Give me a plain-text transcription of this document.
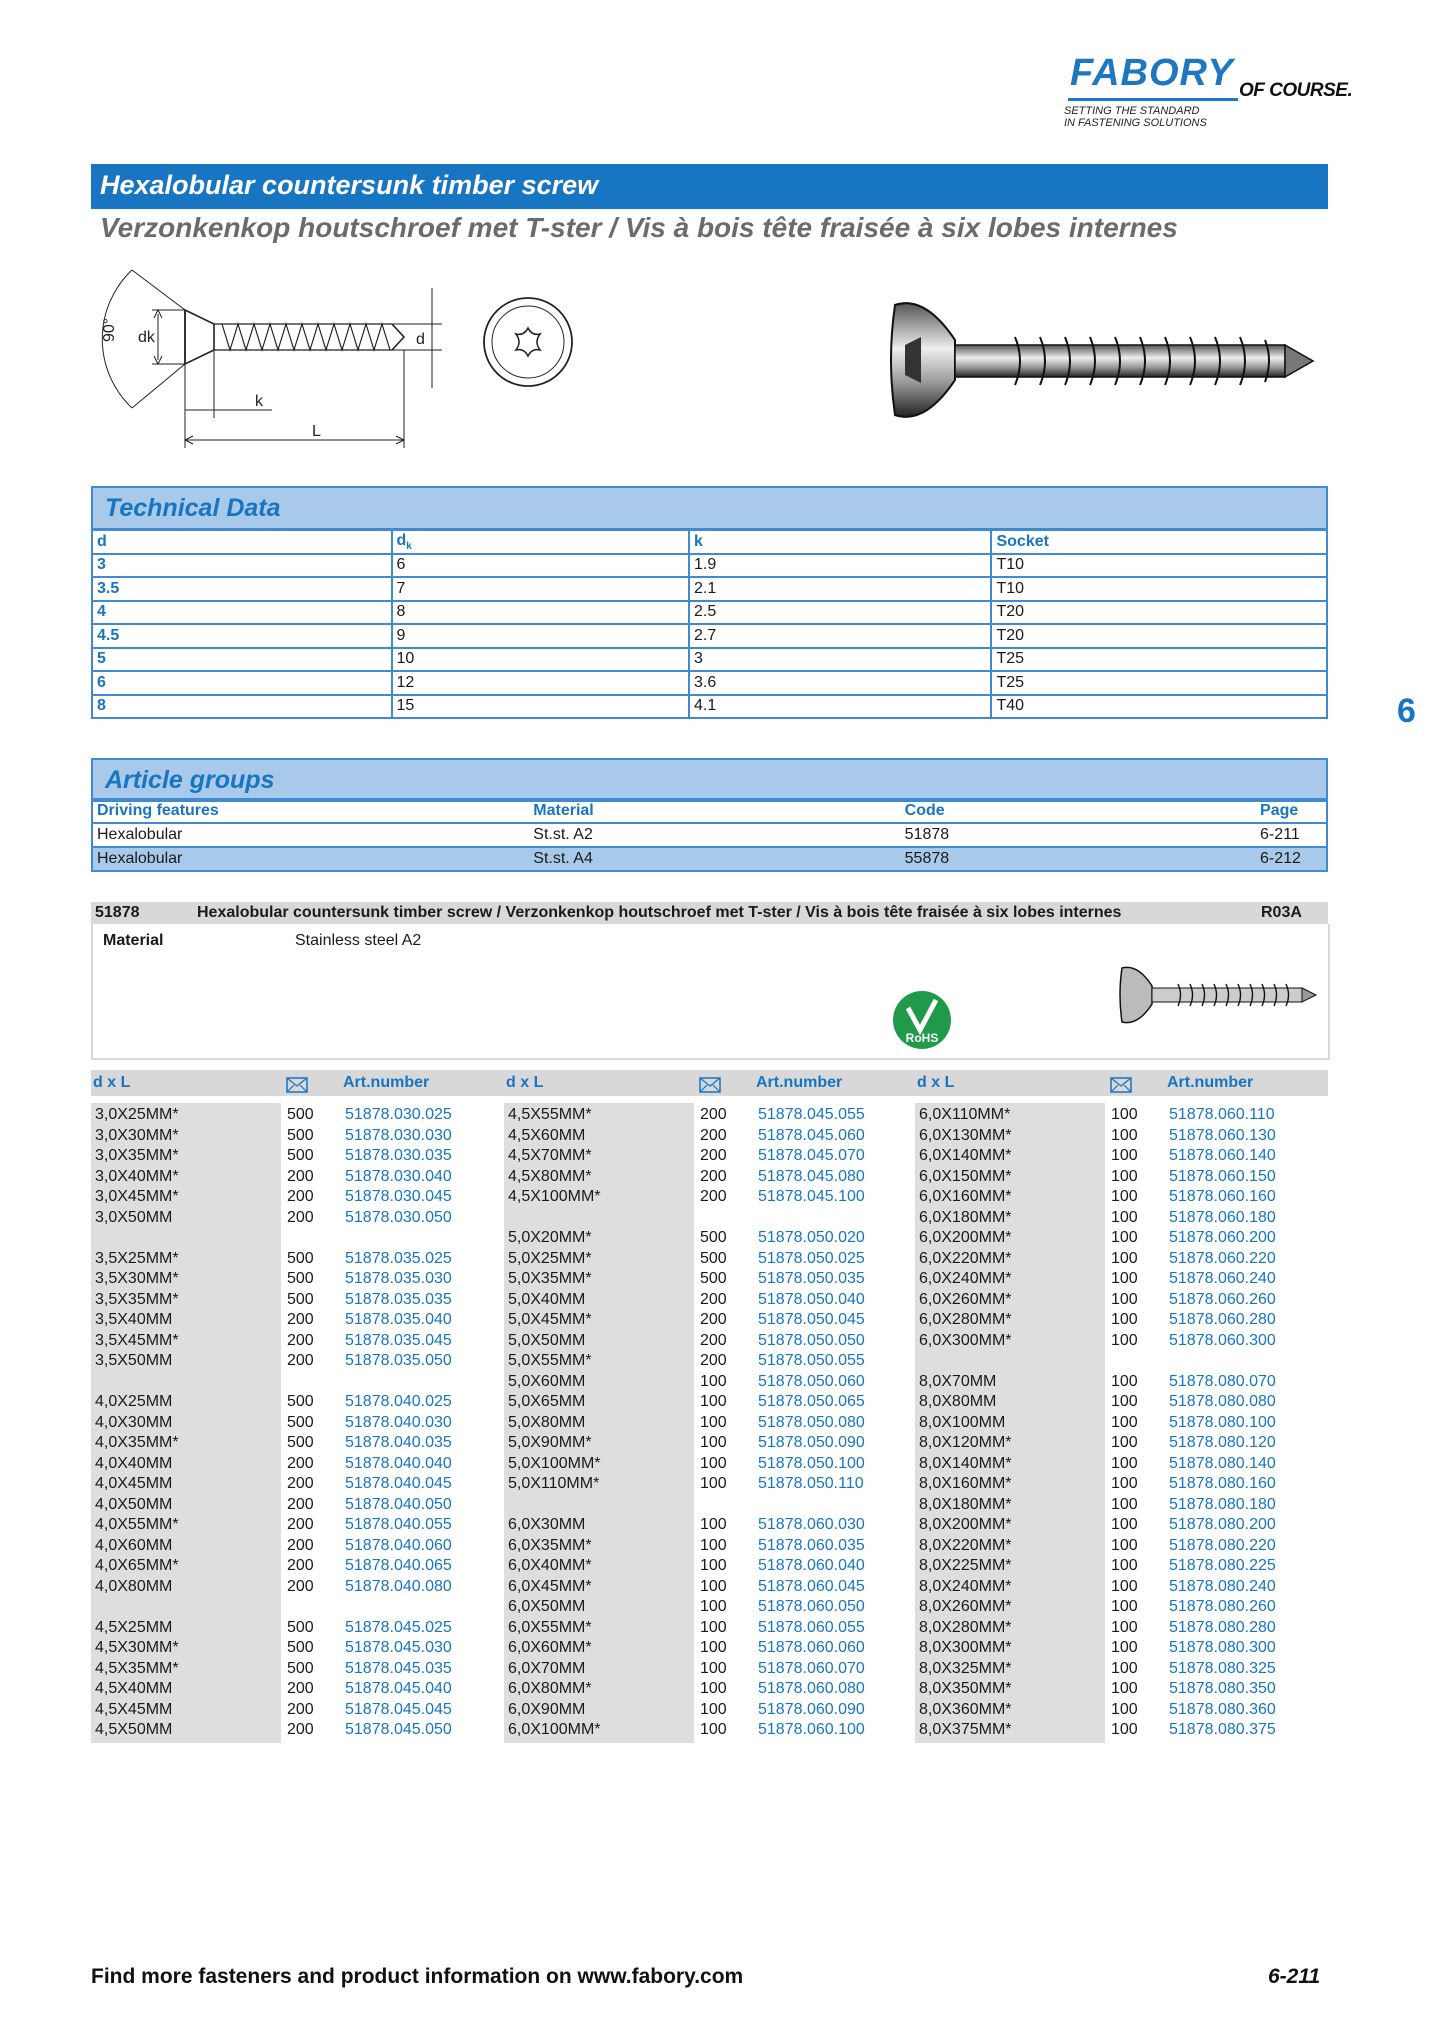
FABORY OF COURSE.
SETTING THE STANDARD
IN FASTENING SOLUTIONS
Hexalobular countersunk timber screw
Verzonkenkop houtschroef met T-ster / Vis à bois tête fraisée à six lobes internes
90° dk
k
L
d
Technical Data
d	$d_k$	k	Socket
3	6	1.9	T10
3.5	7	2.1	T10
4	8	2.5	T20
4.5	9	2.7	T20
5	10	3	T25
6	12	3.6	T25
8	15	4.1	T40	6
Article groups
Driving features	Material	Code	Page
Hexalobular	St.st. A2	51878	6-211
Hexalobular	St.st. A4	55878	6-212
51878	Hexalobular countersunk timber screw / Verzonkenkop houtschroef met T-ster / Vis à bois tête fraisée à six lobes internes	R03A
Material	Stainless steel A2
RoHS
d x L	Art.number	d x L	Art.number	d x L	Art.number
3,0X25MM*	500 51878.030.025
3,0X30MM*	500 51878.030.030
3,0X35MM*	500 51878.030.035
3,0X40MM*	200 51878.030.040
3,0X45MM*	200 51878.030.045
3,0X50MM	200 51878.030.050
3,5X25MM*	500 51878.035.025
3,5X30MM*	500 51878.035.030
3,5X35MM*	500 51878.035.035
3,5X40MM	200 51878.035.040
3,5X45MM*	200 51878.035.045
3,5X50MM	200 51878.035.050
4,0X25MM	500 51878.040.025
4,0X30MM	500 51878.040.030
4,0X35MM*	500 51878.040.035
4,0X40MM	200 51878.040.040
4,0X45MM	200 51878.040.045
4,0X50MM	200 51878.040.050
4,0X55MM*	200 51878.040.055
4,0X60MM	200 51878.040.060
4,0X65MM*	200 51878.040.065
4,0X80MM	200 51878.040.080
4,5X25MM	500 51878.045.025
4,5X30MM*	500 51878.045.030
4,5X35MM*	500 51878.045.035
4,5X40MM	200 51878.045.040
4,5X45MM	200 51878.045.045
4,5X50MM	200 51878.045.050
4,5X55MM*	200 51878.045.055
4,5X60MM	200 51878.045.060
4,5X70MM*	200 51878.045.070
4,5X80MM*	200 51878.045.080
4,5X100MM*	200 51878.045.100
5,0X20MM*	500 51878.050.020
5,0X25MM*	500 51878.050.025
5,0X35MM*	500 51878.050.035
5,0X40MM	200 51878.050.040
5,0X45MM*	200 51878.050.045
5,0X50MM	200 51878.050.050
5,0X55MM*	200 51878.050.055
5,0X60MM	100 51878.050.060
5,0X65MM	100 51878.050.065
5,0X80MM	100 51878.050.080
5,0X90MM*	100 51878.050.090
5,0X100MM*	100 51878.050.100
5,0X110MM*	100 51878.050.110
6,0X30MM	100 51878.060.030
6,0X35MM*	100 51878.060.035
6,0X40MM*	100 51878.060.040
6,0X45MM*	100 51878.060.045
6,0X50MM	100 51878.060.050
6,0X55MM*	100 51878.060.055
6,0X60MM*	100 51878.060.060
6,0X70MM	100 51878.060.070
6,0X80MM*	100 51878.060.080
6,0X90MM	100 51878.060.090
6,0X100MM*	100 51878.060.100
6,0X110MM*	100 51878.060.110
6,0X130MM*	100 51878.060.130
6,0X140MM*	100 51878.060.140
6,0X150MM*	100 51878.060.150
6,0X160MM*	100 51878.060.160
6,0X180MM*	100 51878.060.180
6,0X200MM*	100 51878.060.200
6,0X220MM*	100 51878.060.220
6,0X240MM*	100 51878.060.240
6,0X260MM*	100 51878.060.260
6,0X280MM*	100 51878.060.280
6,0X300MM*	100 51878.060.300
8,0X70MM	100 51878.080.070
8,0X80MM	100 51878.080.080
8,0X100MM	100 51878.080.100
8,0X120MM*	100 51878.080.120
8,0X140MM*	100 51878.080.140
8,0X160MM*	100 51878.080.160
8,0X180MM*	100 51878.080.180
8,0X200MM*	100 51878.080.200
8,0X220MM*	100 51878.080.220
8,0X225MM*	100 51878.080.225
8,0X240MM*	100 51878.080.240
8,0X260MM*	100 51878.080.260
8,0X280MM*	100 51878.080.280
8,0X300MM*	100 51878.080.300
8,0X325MM*	100 51878.080.325
8,0X350MM*	100 51878.080.350
8,0X360MM*	100 51878.080.360
8,0X375MM*	100 51878.080.375
Find more fasteners and product information on www.fabory.com	6-211
